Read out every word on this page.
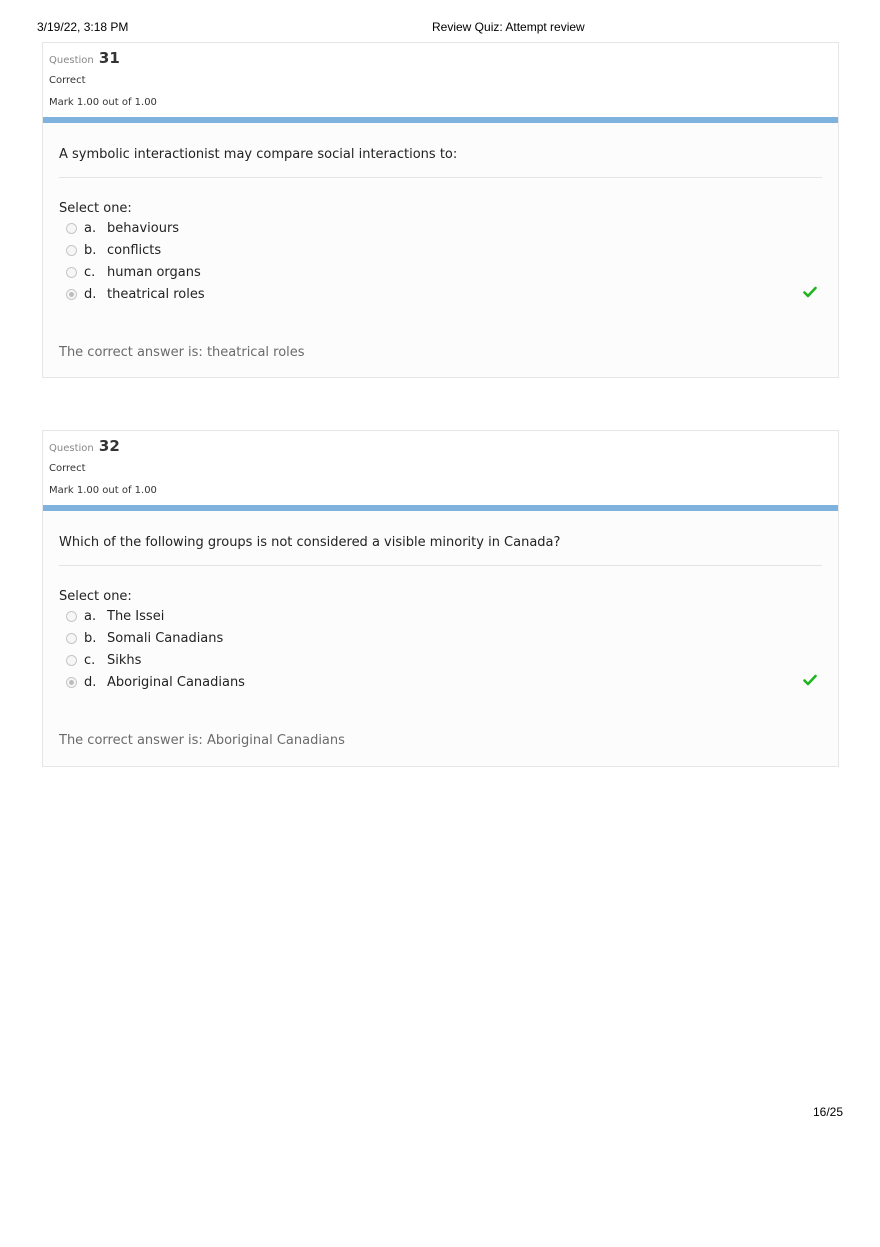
3/19/22, 3:18 PM	Review Quiz: Attempt review
Question 31
Correct
Mark 1.00 out of 1.00
A symbolic interactionist may compare social interactions to:
Select one:
a. behaviours
b. conflicts
c. human organs
d. theatrical roles
The correct answer is: theatrical roles
Question 32
Correct
Mark 1.00 out of 1.00
Which of the following groups is not considered a visible minority in Canada?
Select one:
a. The Issei
b. Somali Canadians
c. Sikhs
d. Aboriginal Canadians
The correct answer is: Aboriginal Canadians
16/25
